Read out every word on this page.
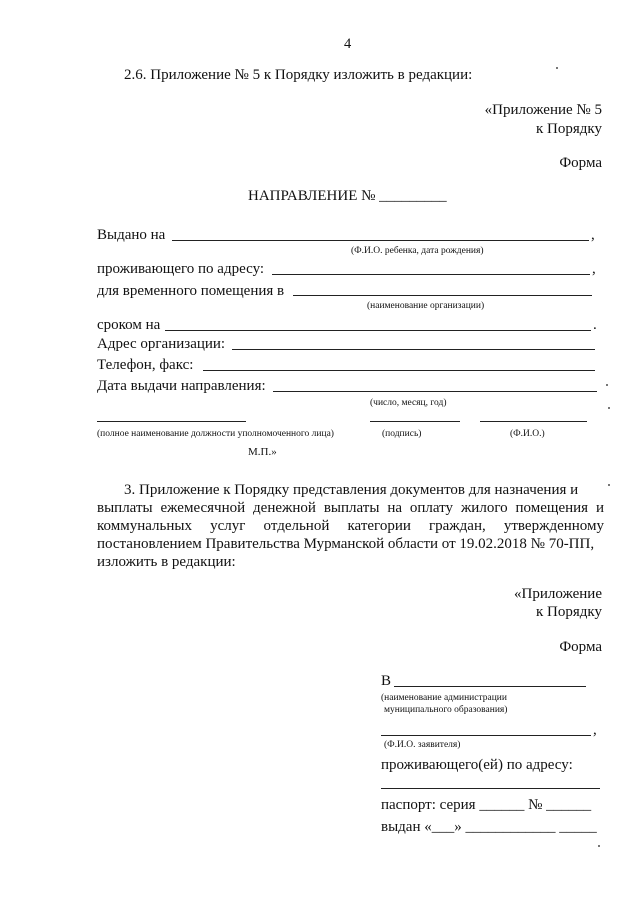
4
2.6. Приложение № 5 к Порядку изложить в редакции:
«Приложение № 5
к Порядку
Форма
НАПРАВЛЕНИЕ № _________
Выдано на	,
(Ф.И.О. ребенка, дата рождения)
проживающего по адресу:	,
для временного помещения в
(наименование организации)
сроком на	.
Адрес организации:
Телефон, факс:
Дата выдачи направления:
(число, месяц, год)
(полное наименование должности уполномоченного лица)	(подпись)	(Ф.И.О.)
М.П.»
3. Приложение к Порядку представления документов для назначения и
выплаты ежемесячной денежной выплаты на оплату жилого помещения и
коммунальных услуг отдельной категории граждан, утвержденному
постановлением Правительства Мурманской области от 19.02.2018 № 70-ПП,
изложить в редакции:
«Приложение
к Порядку
Форма
В
(наименование администрации
муниципального образования)
,
(Ф.И.О. заявителя)
проживающего(ей) по адресу:
паспорт: серия ______ № ______
выдан «___» ____________ _____
